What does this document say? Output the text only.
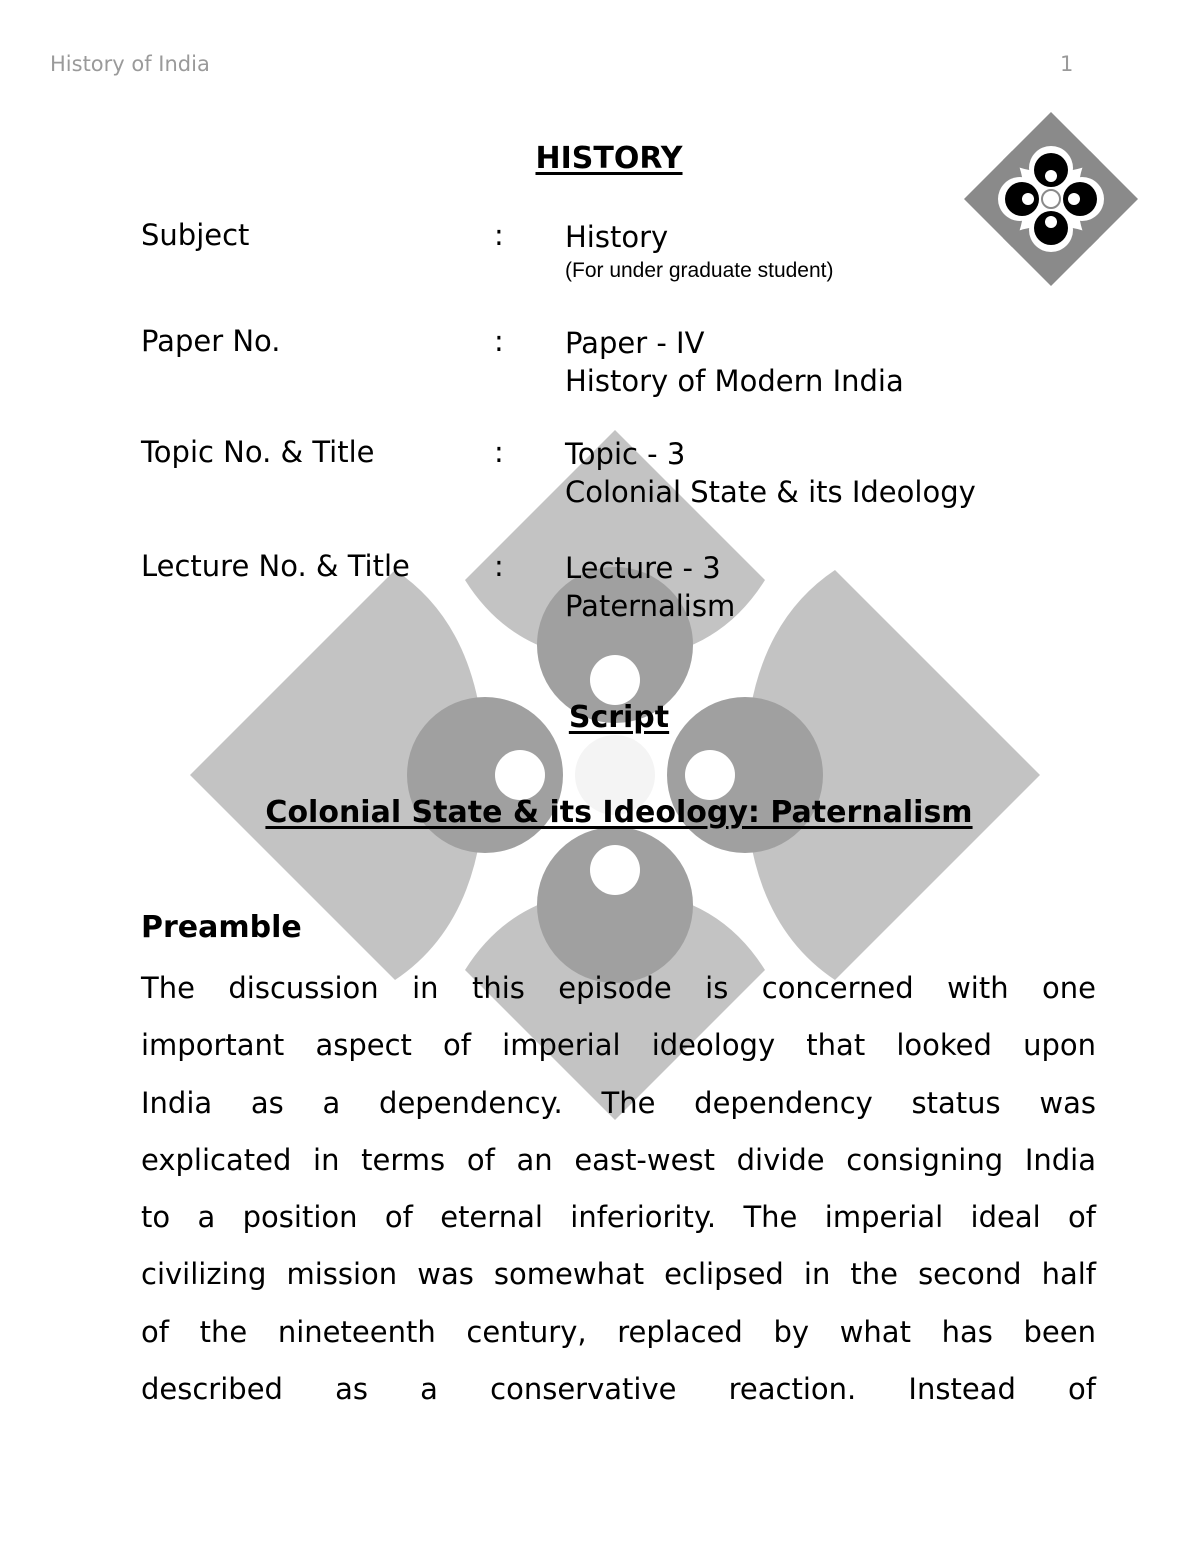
History of India	1
HISTORY
Subject	: History
(For under graduate student)
Paper No.	: Paper - IV
History of Modern India
Topic No. & Title	: Topic - 3
Colonial State & its Ideology
Lecture No. & Title	: Lecture - 3
Paternalism
Script
Colonial State & its Ideology: Paternalism
Preamble
The discussion in this episode is concerned with one
important aspect of imperial ideology that looked upon
India as a dependency. The dependency status was
explicated in terms of an east-west divide consigning India
to a position of eternal inferiority. The imperial ideal of
civilizing mission was somewhat eclipsed in the second half
of the nineteenth century, replaced by what has been
described as a conservative reaction. Instead of
